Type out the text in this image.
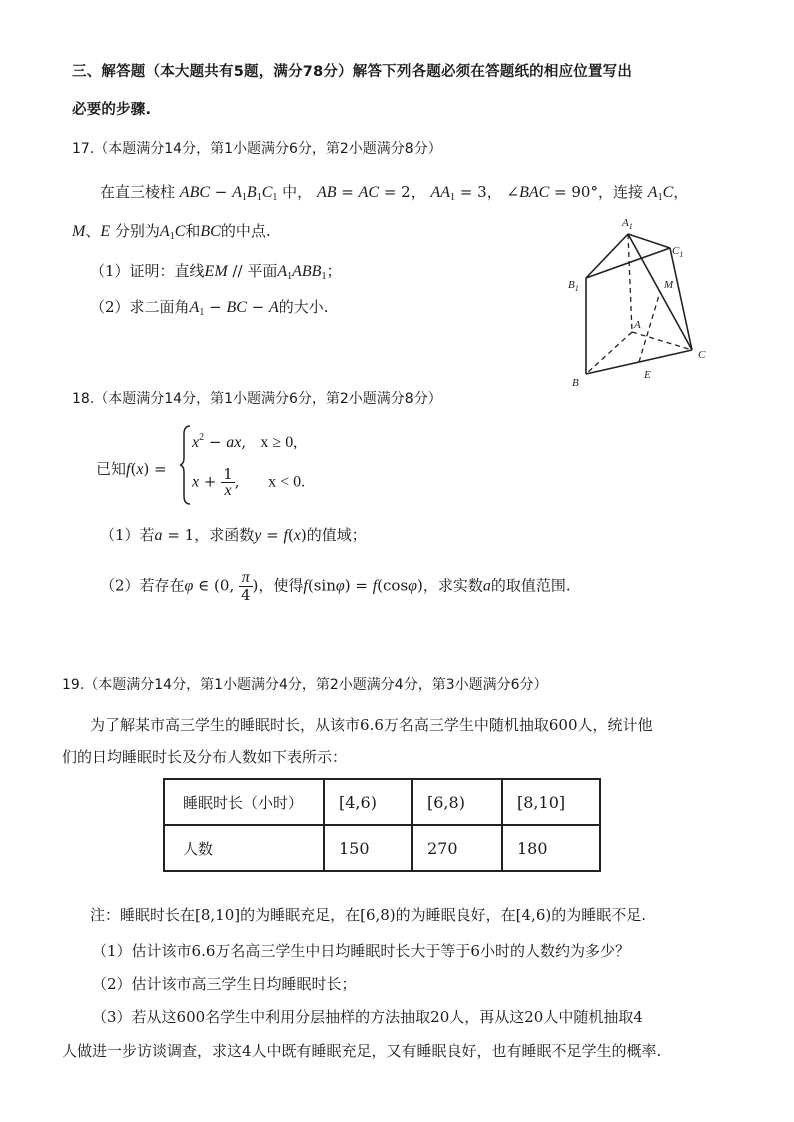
三、解答题（本大题共有5题，满分78分）解答下列各题必须在答题纸的相应位置写出
必要的步骤.
17.（本题满分14分，第1小题满分6分，第2小题满分8分）
在直三棱柱 ABC − $A_1B_1C_1$ 中， AB = AC = 2， $AA_1 = 3$， ∠BAC = 90°，连接 $A_1C$，
M、E 分别为$A_1C$和BC的中点.
（1）证明：直线EM // 平面$A_1ABB_1$；
（2）求二面角$A_1$ − BC − A的大小.
$A_1$
$C_1$
$B_1$	M
A
C
E
B
18.（本题满分14分，第1小题满分6分，第2小题满分8分）
已知f(x) =
$x^2$ − ax,   x ≥ 0,
$x + \frac{1}{x}$ ,      x < 0.
（1）若a = 1，求函数y = f(x)的值域；
（2）若存在φ ∈ (0, $\frac{\pi}{4}$ )，使得f(sinφ) = f(cosφ)，求实数a的取值范围.
19.（本题满分14分，第1小题满分4分，第2小题满分4分，第3小题满分6分）
为了解某市高三学生的睡眠时长，从该市6.6万名高三学生中随机抽取600人，统计他
们的日均睡眠时长及分布人数如下表所示：
睡眠时长（小时）	[4,6)	[6,8)	[8,10]
人数	150	270	180
注：睡眠时长在[8,10]的为睡眠充足，在[6,8)的为睡眠良好，在[4,6)的为睡眠不足.
（1）估计该市6.6万名高三学生中日均睡眠时长大于等于6小时的人数约为多少？
（2）估计该市高三学生日均睡眠时长；
（3）若从这600名学生中利用分层抽样的方法抽取20人，再从这20人中随机抽取4
人做进一步访谈调查，求这4人中既有睡眠充足，又有睡眠良好，也有睡眠不足学生的概率.
